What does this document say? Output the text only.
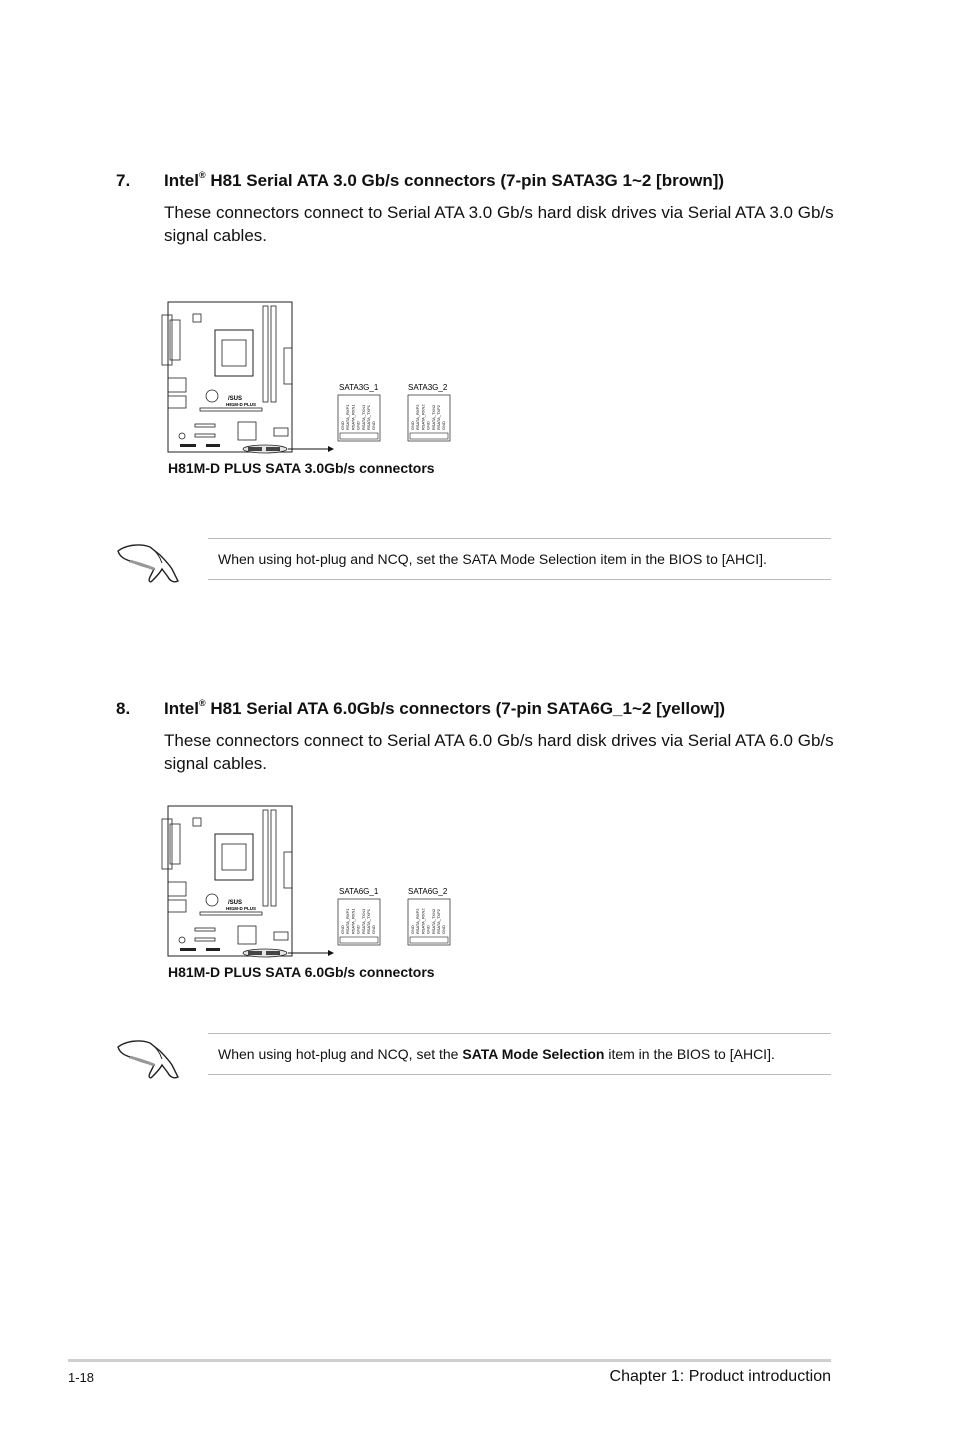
7. Intel® H81 Serial ATA 3.0 Gb/s connectors (7-pin SATA3G 1~2 [brown])
These connectors connect to Serial ATA 3.0 Gb/s hard disk drives via Serial ATA 3.0 Gb/s signal cables.
/SUS
H81M-D PLUS
SATA3G_1
GND RSATA_RXP1 RSATA_RXN1 GND RSATA_TXN1 RSATA_TXP1 GND
SATA3G_2
GND RSATA_RXP2 RSATA_RXN2 GND RSATA_TXN2 RSATA_TXP2 GND
H81M-D PLUS SATA 3.0Gb/s connectors
When using hot-plug and NCQ, set the SATA Mode Selection item in the BIOS to [AHCI].
8. Intel® H81 Serial ATA 6.0Gb/s connectors (7-pin SATA6G_1~2 [yellow])
These connectors connect to Serial ATA 6.0 Gb/s hard disk drives via Serial ATA 6.0 Gb/s signal cables.
/SUS
H81M-D PLUS
SATA6G_1
GND RSATA_RXP1 RSATA_RXN1 GND RSATA_TXN1 RSATA_TXP1 GND
SATA6G_2
GND RSATA_RXP2 RSATA_RXN2 GND RSATA_TXN2 RSATA_TXP2 GND
H81M-D PLUS SATA 6.0Gb/s connectors
When using hot-plug and NCQ, set the SATA Mode Selection item in the BIOS to [AHCI].
1-18	Chapter 1: Product introduction
